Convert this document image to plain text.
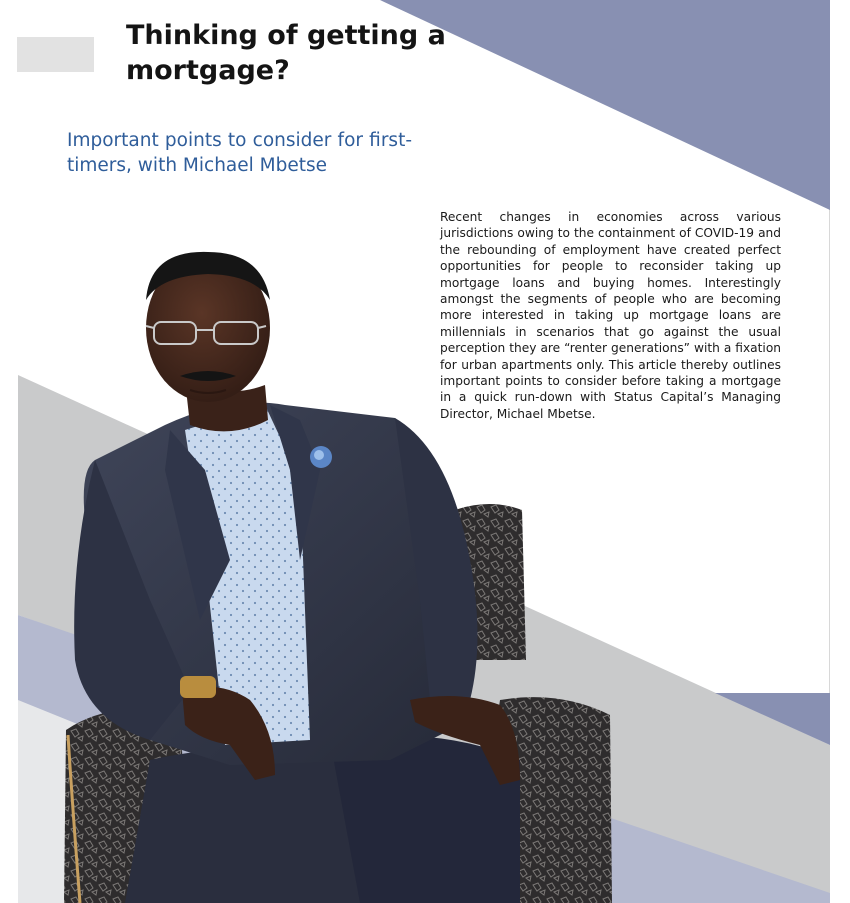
Thinking of getting a mortgage?

Important points to consider for first-timers, with Michael Mbetse

Recent changes in economies across various jurisdictions owing to the containment of COVID-19 and the rebounding of employment have created perfect opportunities for people to reconsider taking up mortgage loans and buying homes. Interestingly amongst the segments of people who are becoming more interested in taking up mortgage loans are millennials in scenarios that go against the usual perception they are “renter generations” with a fixation for urban apartments only. This article thereby outlines important points to consider before taking a mortgage in a quick run-down with Status Capital’s Managing Director, Michael Mbetse.
